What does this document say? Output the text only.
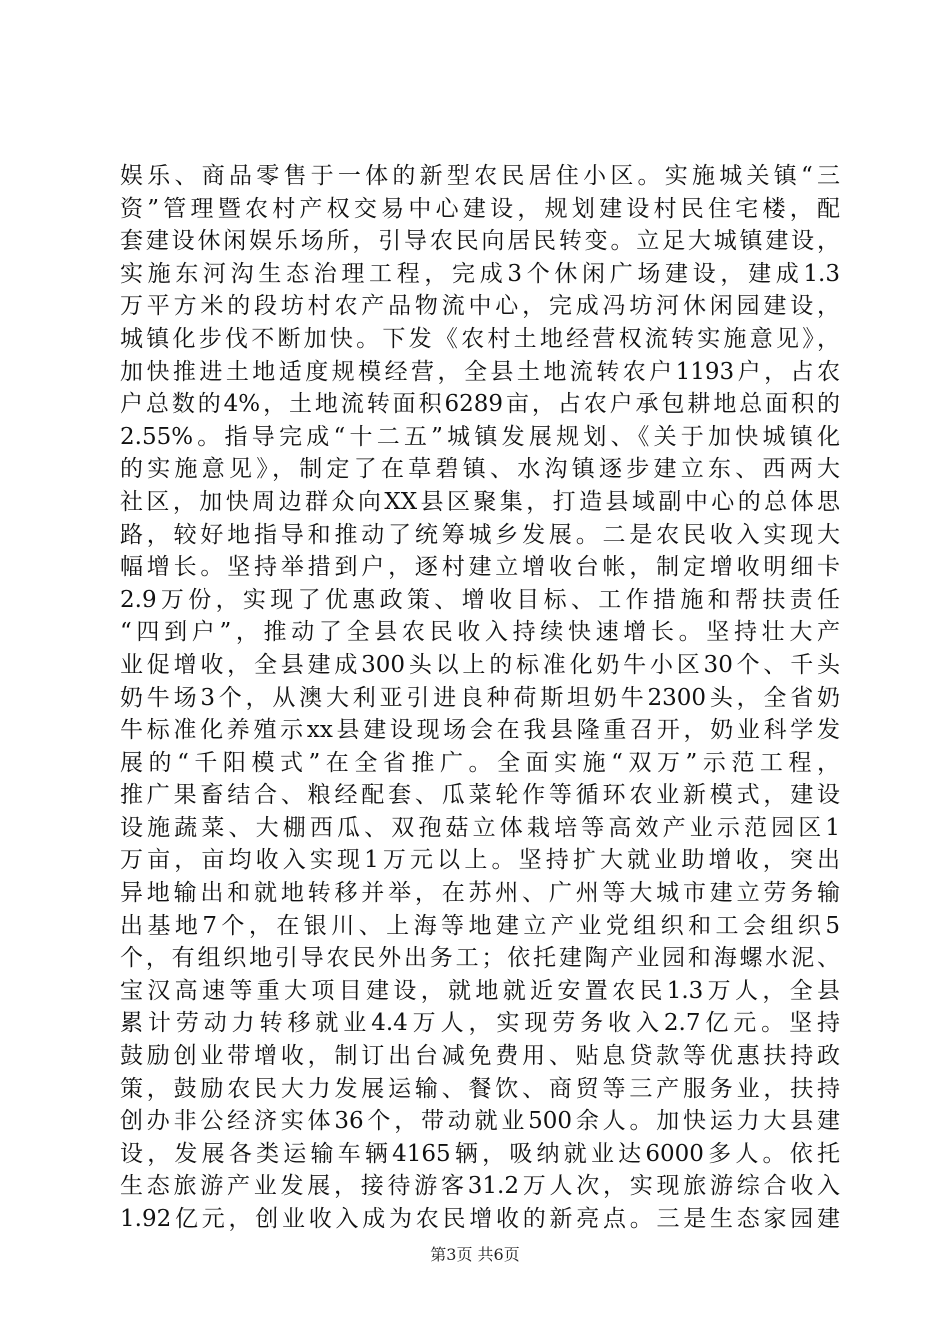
娱乐、商品零售于一体的新型农民居住小区。实施城关镇“三
资”管理暨农村产权交易中心建设，规划建设村民住宅楼，配
套建设休闲娱乐场所，引导农民向居民转变。立足大城镇建设，
实施东河沟生态治理工程，完成3个休闲广场建设，建成1.3
万平方米的段坊村农产品物流中心，完成冯坊河休闲园建设，
城镇化步伐不断加快。下发《农村土地经营权流转实施意见》，
加快推进土地适度规模经营，全县土地流转农户1193户，占农
户总数的4%，土地流转面积6289亩，占农户承包耕地总面积的
2.55%。指导完成“十二五”城镇发展规划、《关于加快城镇化
的实施意见》，制定了在草碧镇、水沟镇逐步建立东、西两大
社区，加快周边群众向XX县区聚集，打造县域副中心的总体思
路，较好地指导和推动了统筹城乡发展。二是农民收入实现大
幅增长。坚持举措到户，逐村建立增收台帐，制定增收明细卡
2.9万份，实现了优惠政策、增收目标、工作措施和帮扶责任
“四到户”，推动了全县农民收入持续快速增长。坚持壮大产
业促增收，全县建成300头以上的标准化奶牛小区30个、千头
奶牛场3个，从澳大利亚引进良种荷斯坦奶牛2300头，全省奶
牛标准化养殖示xx县建设现场会在我县隆重召开，奶业科学发
展的“千阳模式”在全省推广。全面实施“双万”示范工程，
推广果畜结合、粮经配套、瓜菜轮作等循环农业新模式，建设
设施蔬菜、大棚西瓜、双孢菇立体栽培等高效产业示范园区1
万亩，亩均收入实现1万元以上。坚持扩大就业助增收，突出
异地输出和就地转移并举，在苏州、广州等大城市建立劳务输
出基地7个，在银川、上海等地建立产业党组织和工会组织5
个，有组织地引导农民外出务工；依托建陶产业园和海螺水泥、
宝汉高速等重大项目建设，就地就近安置农民1.3万人，全县
累计劳动力转移就业4.4万人，实现劳务收入2.7亿元。坚持
鼓励创业带增收，制订出台减免费用、贴息贷款等优惠扶持政
策，鼓励农民大力发展运输、餐饮、商贸等三产服务业，扶持
创办非公经济实体36个，带动就业500余人。加快运力大县建
设，发展各类运输车辆4165辆，吸纳就业达6000多人。依托
生态旅游产业发展，接待游客31.2万人次，实现旅游综合收入
1.92亿元，创业收入成为农民增收的新亮点。三是生态家园建
第3页 共6页
